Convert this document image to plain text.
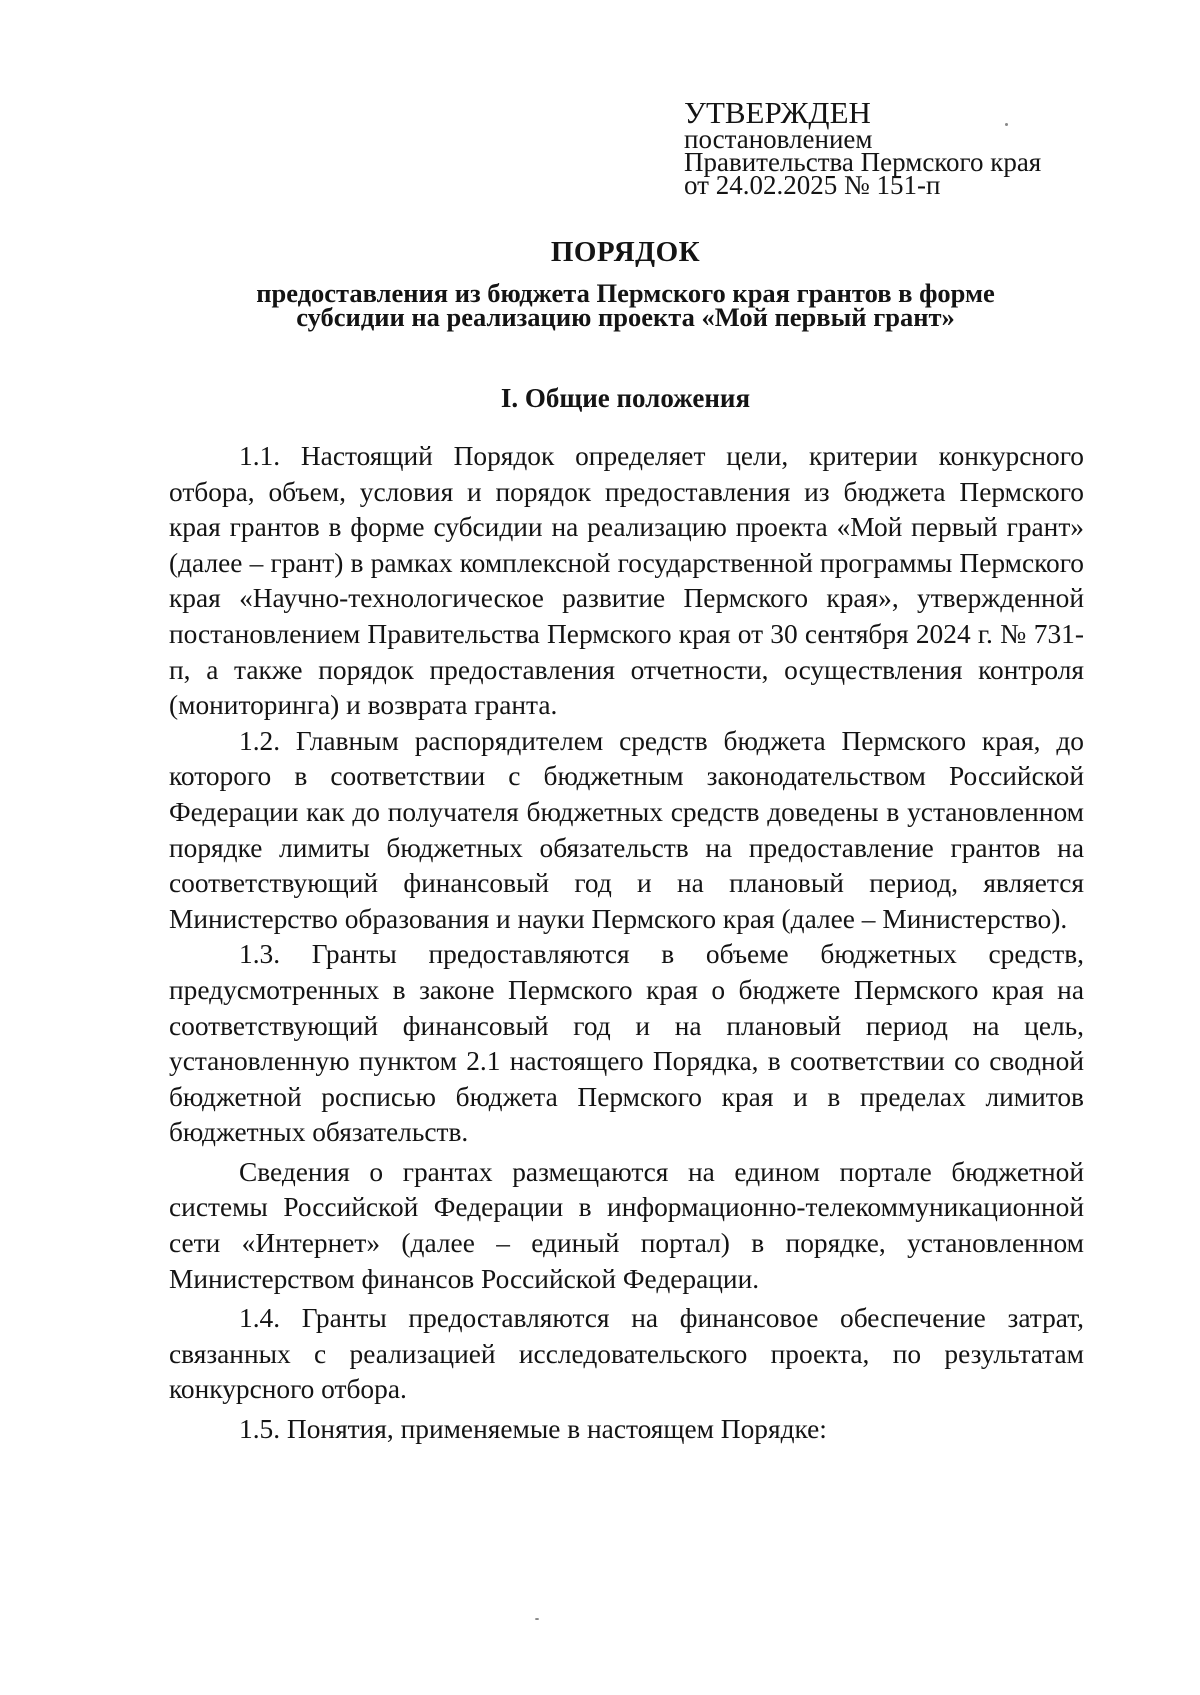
УТВЕРЖДЕН
постановлением
Правительства Пермского края
от 24.02.2025 № 151-п
ПОРЯДОК
предоставления из бюджета Пермского края грантов в форме субсидии на реализацию проекта «Мой первый грант»
I. Общие положения

1.1. Настоящий Порядок определяет цели, критерии конкурсного отбора, объем, условия и порядок предоставления из бюджета Пермского края грантов в форме субсидии на реализацию проекта «Мой первый грант» (далее – грант) в рамках комплексной государственной программы Пермского края «Научно-технологическое развитие Пермского края», утвержденной постановлением Правительства Пермского края от 30 сентября 2024 г. № 731-п, а также порядок предоставления отчетности, осуществления контроля (мониторинга) и возврата гранта.

1.2. Главным распорядителем средств бюджета Пермского края, до которого в соответствии с бюджетным законодательством Российской Федерации как до получателя бюджетных средств доведены в установленном порядке лимиты бюджетных обязательств на предоставление грантов на соответствующий финансовый год и на плановый период, является Министерство образования и науки Пермского края (далее – Министерство).

1.3. Гранты предоставляются в объеме бюджетных средств, предусмотренных в законе Пермского края о бюджете Пермского края на соответствующий финансовый год и на плановый период на цель, установленную пунктом 2.1 настоящего Порядка, в соответствии со сводной бюджетной росписью бюджета Пермского края и в пределах лимитов бюджетных обязательств.

Сведения о грантах размещаются на едином портале бюджетной системы Российской Федерации в информационно-телекоммуникационной сети «Интернет» (далее – единый портал) в порядке, установленном Министерством финансов Российской Федерации.

1.4. Гранты предоставляются на финансовое обеспечение затрат, связанных с реализацией исследовательского проекта, по результатам конкурсного отбора.

1.5. Понятия, применяемые в настоящем Порядке:
